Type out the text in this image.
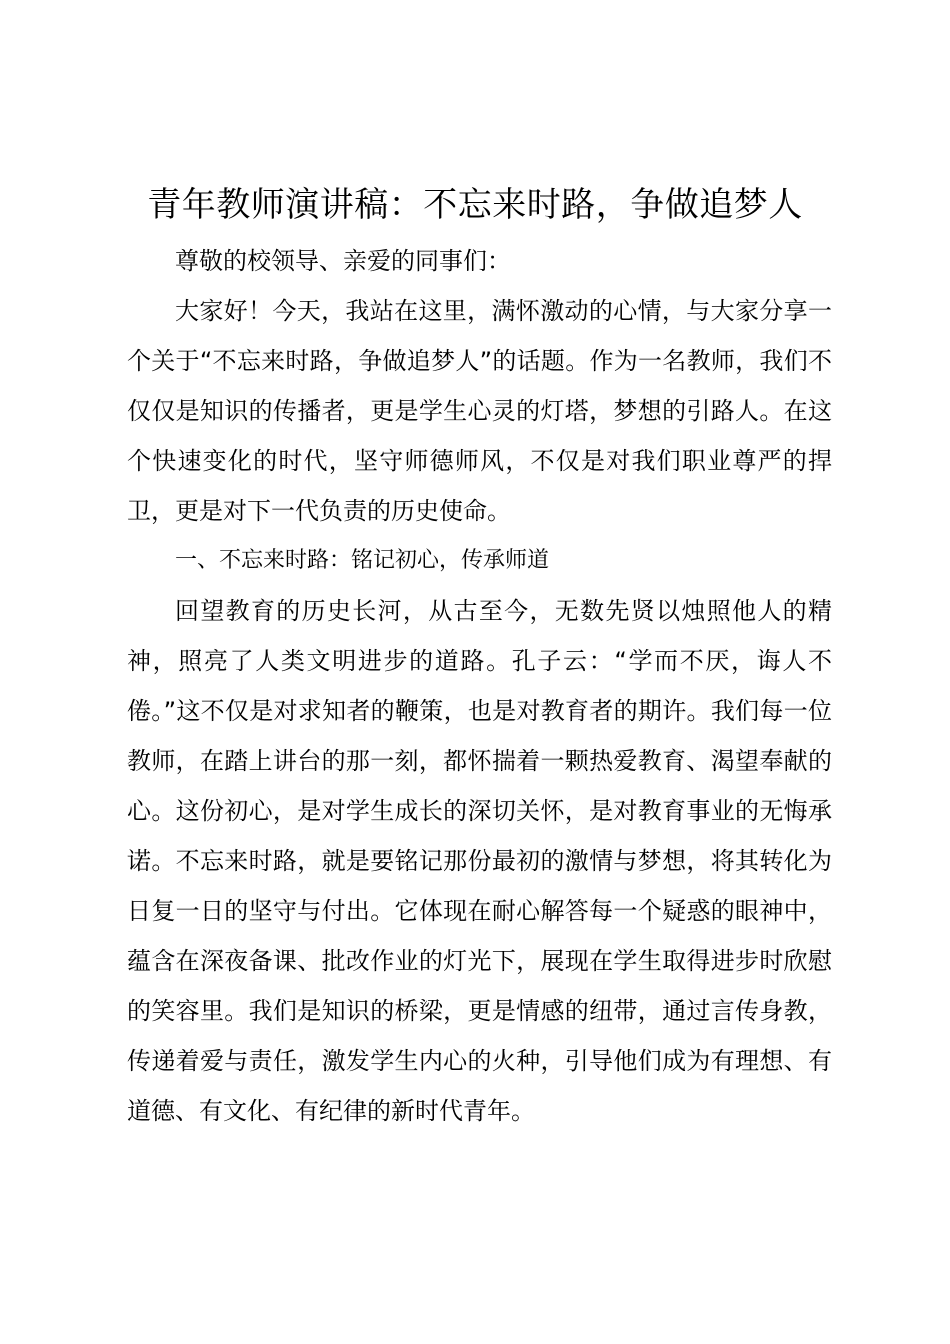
青年教师演讲稿：不忘来时路，争做追梦人

尊敬的校领导、亲爱的同事们：

大家好！今天，我站在这里，满怀激动的心情，与大家分享一个关于“不忘来时路，争做追梦人”的话题。作为一名教师，我们不仅仅是知识的传播者，更是学生心灵的灯塔，梦想的引路人。在这个快速变化的时代，坚守师德师风，不仅是对我们职业尊严的捍卫，更是对下一代负责的历史使命。

一、不忘来时路：铭记初心，传承师道

回望教育的历史长河，从古至今，无数先贤以烛照他人的精神，照亮了人类文明进步的道路。孔子云：“学而不厌，诲人不倦。”这不仅是对求知者的鞭策，也是对教育者的期许。我们每一位教师，在踏上讲台的那一刻，都怀揣着一颗热爱教育、渴望奉献的心。这份初心，是对学生成长的深切关怀，是对教育事业的无悔承诺。不忘来时路，就是要铭记那份最初的激情与梦想，将其转化为日复一日的坚守与付出。它体现在耐心解答每一个疑惑的眼神中，蕴含在深夜备课、批改作业的灯光下，展现在学生取得进步时欣慰的笑容里。我们是知识的桥梁，更是情感的纽带，通过言传身教，传递着爱与责任，激发学生内心的火种，引导他们成为有理想、有道德、有文化、有纪律的新时代青年。
